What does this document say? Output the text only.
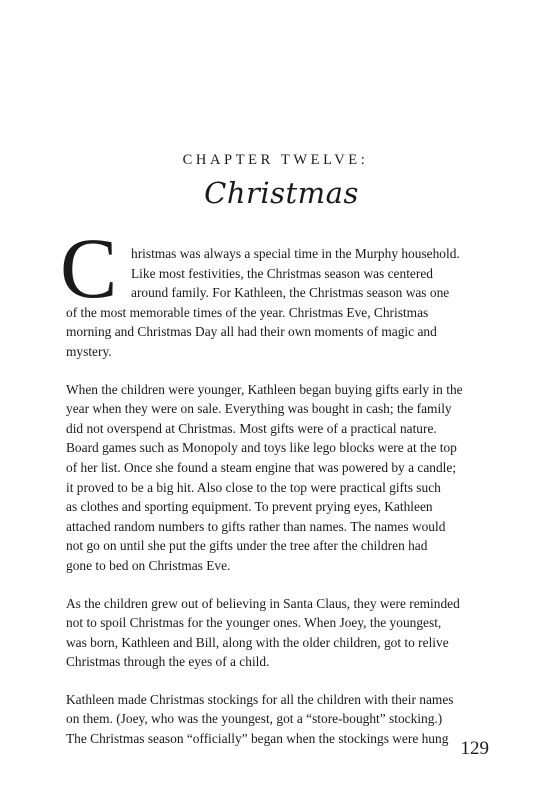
CHAPTER TWELVE:
Christmas
C	hristmas was always a special time in the Murphy household.
Like most festivities, the Christmas season was centered
around family. For Kathleen, the Christmas season was one
of the most memorable times of the year. Christmas Eve, Christmas
morning and Christmas Day all had their own moments of magic and
mystery.
When the children were younger, Kathleen began buying gifts early in the
year when they were on sale. Everything was bought in cash; the family
did not overspend at Christmas. Most gifts were of a practical nature.
Board games such as Monopoly and toys like lego blocks were at the top
of her list. Once she found a steam engine that was powered by a candle;
it proved to be a big hit. Also close to the top were practical gifts such
as clothes and sporting equipment. To prevent prying eyes, Kathleen
attached random numbers to gifts rather than names. The names would
not go on until she put the gifts under the tree after the children had
gone to bed on Christmas Eve.
As the children grew out of believing in Santa Claus, they were reminded
not to spoil Christmas for the younger ones. When Joey, the youngest,
was born, Kathleen and Bill, along with the older children, got to relive
Christmas through the eyes of a child.
Kathleen made Christmas stockings for all the children with their names
on them. (Joey, who was the youngest, got a “store-bought” stocking.)
The Christmas season “officially” began when the stockings were hung 129
